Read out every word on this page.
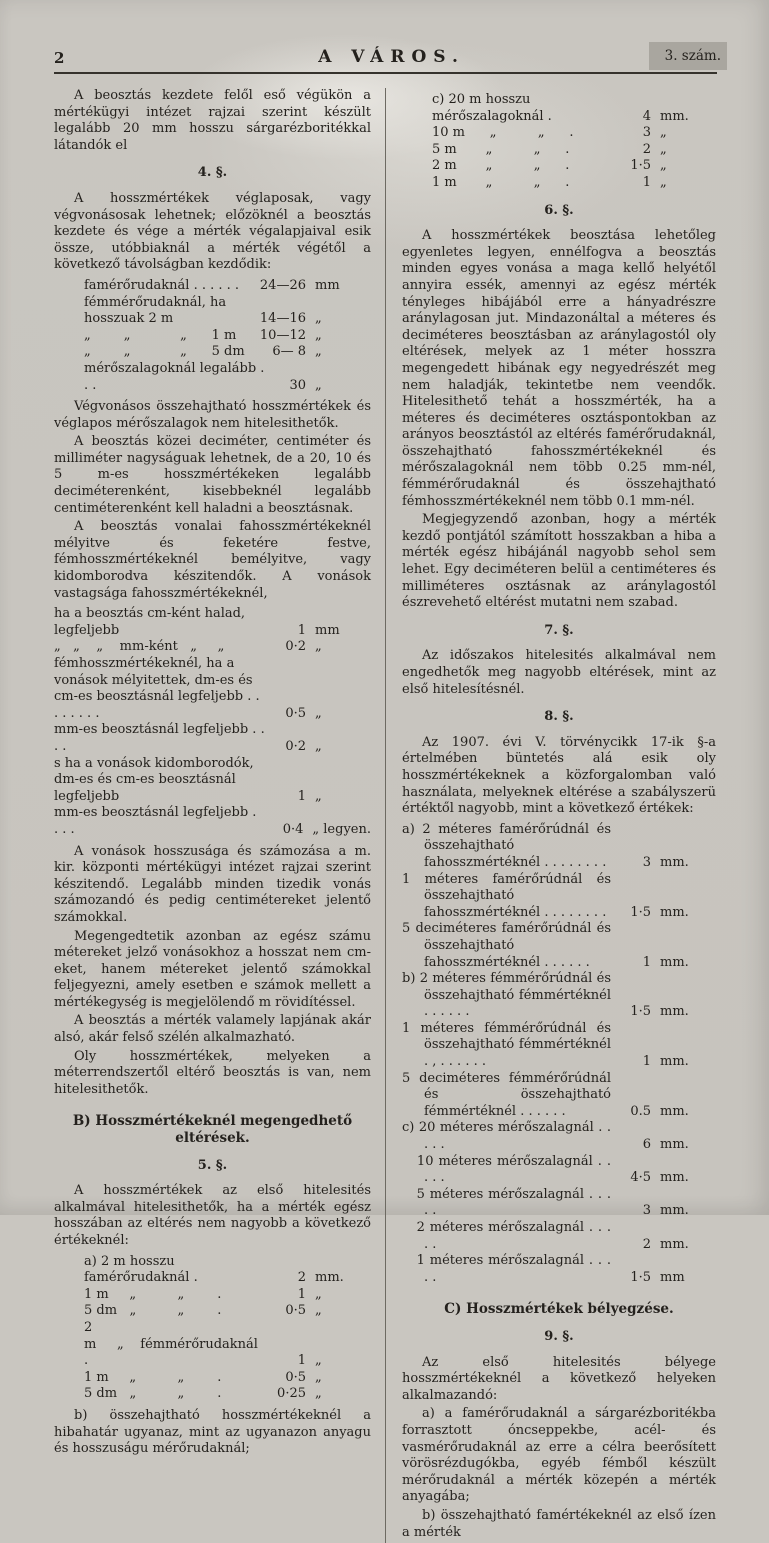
2	A VÁROS.	3. szám.

A beosztás kezdete felől eső végükön a mértékügyi intézet rajzai szerint készült legalább 20 mm hosszu sárgarézboritékkal látandók el

4. §.

A hosszmértékek véglaposak, vagy végvonásosak lehetnek; előzöknél a beosztás kezdete és vége a mérték végalapjaival esik össze, utóbbiaknál a mérték végétől a következő távolságban kezdődik:

famérőrudaknál . . . . . .	24—26 mm
fémmérőrudaknál, ha hosszuak 2 m	14—16 „
„        „            „      1 m	10—12 „
„        „            „      5 dm	6— 8 „
mérőszalagoknál legalább . . .	30 „

Végvonásos összehajtható hosszmértékek és véglapos mérőszalagok nem hitelesithetők.

A beosztás közei deciméter, centiméter és milliméter nagyságuak lehetnek, de a 20, 10 és 5 m-es hosszmértékeken legalább deciméterenként, kisebbeknél legalább centiméterenként kell haladni a beosztásnak.

A beosztás vonalai fahosszmértékeknél mélyitve és feketére festve, fémhosszmértékeknél bemélyitve, vagy kidomborodva készitendők. A vonások vastagsága fahosszmértékeknél,

ha a beosztás cm-ként halad, legfeljebb	1 mm
„   „    „    mm-ként   „     „	0·2 „
fémhosszmértékeknél, ha a vonások mélyitettek, dm-es és cm-es beosztásnál legfeljebb . . . . . . . .	0·5 „
mm-es beosztásnál legfeljebb . . . .	0·2 „
s ha a vonások kidomborodók, dm-es és cm-es beosztásnál legfeljebb	1 „
mm-es beosztásnál legfeljebb . . . .	0·4 „ legyen.

A vonások hosszusága és számozása a m. kir. központi mértékügyi intézet rajzai szerint készitendő. Legalább minden tizedik vonás számozandó és pedig centimétereket jelentő számokkal.

Megengedtetik azonban az egész számu métereket jelző vonásokhoz a hosszat nem cm-eket, hanem métereket jelentő számokkal feljegyezni, amely esetben e számok mellett a mértékegység is megjelölendő m rövidítéssel.

A beosztás a mérték valamely lapjának akár alsó, akár felső szélén alkalmazható.

Oly hosszmértékek, melyeken a méterrendszertől eltérő beosztás is van, nem hitelesithetők.

B) Hosszmértékeknél megengedhető eltérések.
5. §.

A hosszmértékek az első hitelesités alkalmával hitelesithetők, ha a mérték egész hosszában az eltérés nem nagyobb a következő értékeknél:

a) 2 m hosszu famérőrudaknál .	2 mm.
1 m     „          „        .	1 „
5 dm   „          „        .	0·5 „
2 m     „    fémmérőrudaknál .	1 „
1 m     „          „        .	0·5 „
5 dm   „          „        .	0·25 „

b) összehajtható hosszmértékeknél a hibahatár ugyanaz, mint az ugyanazon anyagu és hosszuságu mérőrudaknál;

c) 20 m hosszu mérőszalagoknál .	4 mm.
10 m      „          „      .	3 „
5 m       „          „      .	2 „
2 m       „          „      .	1·5 „
1 m       „          „      .	1 „
6. §.

A hosszmértékek beosztása lehetőleg egyenletes legyen, ennélfogva a beosztás minden egyes vonása a maga kellő helyétől annyira essék, amennyi az egész mérték tényleges hibájából erre a hányadrészre aránylagosan jut. Mindazonáltal a méteres és deciméteres beosztásban az aránylagostól oly eltérések, melyek az 1 méter hosszra megengedett hibának egy negyedrészét meg nem haladják, tekintetbe nem veendők. Hitelesithető tehát a hosszmérték, ha a méteres és deciméteres osztáspontokban az arányos beosztástól az eltérés famérőrudaknál, összehajtható fahosszmértékeknél és mérőszalagoknál nem több 0.25 mm-nél, fémmérőrudaknál és összehajtható fémhosszmértékeknél nem több 0.1 mm-nél.

Megjegyzendő azonban, hogy a mérték kezdő pontjától számított hosszakban a hiba a mérték egész hibájánál nagyobb sehol sem lehet. Egy deciméteren belül a centiméteres és milliméteres osztásnak az aránylagostól észrevehető eltérést mutatni nem szabad.

7. §.

Az időszakos hitelesités alkalmával nem engedhetők meg nagyobb eltérések, mint az első hitelesítésnél.

8. §.

Az 1907. évi V. törvénycikk 17-ik §-a értelmében büntetés alá esik oly hosszmértékeknek a közforgalomban való használata, melyeknek eltérése a szabályszerü értéktől nagyobb, mint a következő értékek:

a) 2 méteres famérőrúdnál és összehajtható fahosszmértéknél . . . . . . . .	3 mm.
1 méteres famérőrúdnál és összehajtható fahosszmértéknél . . . . . . . .	1·5 mm.
5 deciméteres famérőrúdnál és összehajtható fahosszmértéknél . . . . . .	1 mm.
b) 2 méteres fémmérőrúdnál és összehajtható fémmértéknél . . . . . .	1·5 mm.
1 méteres fémmérőrúdnál és összehajtható fémmértéknél . , . . . . . .	1 mm.
5 deciméteres fémmérőrúdnál és összehajtható fémmértéknél . . . . . .	0.5 mm.
c) 20 méteres mérőszalagnál . . . . .	6 mm.
10 méteres mérőszalagnál . . . . .	4·5 mm.
5 méteres mérőszalagnál . . . . .	3 mm.
2 méteres mérőszalagnál . . . . .	2 mm.
1 méteres mérőszalagnál . . . . .	1·5 mm
C) Hosszmértékek bélyegzése.
9. §.

Az első hitelesités bélyege hosszmértékeknél a következő helyeken alkalmazandó:

a) a famérőrudaknál a sárgarézboritékba forrasztott óncseppekbe, acél- és vasmérőrudaknál az erre a célra beerősített vörösrézdugókba, egyéb fémből készült mérőrudaknál a mérték közepén a mérték anyagába;

b) összehajtható famértékeknél az első ízen a mérték
